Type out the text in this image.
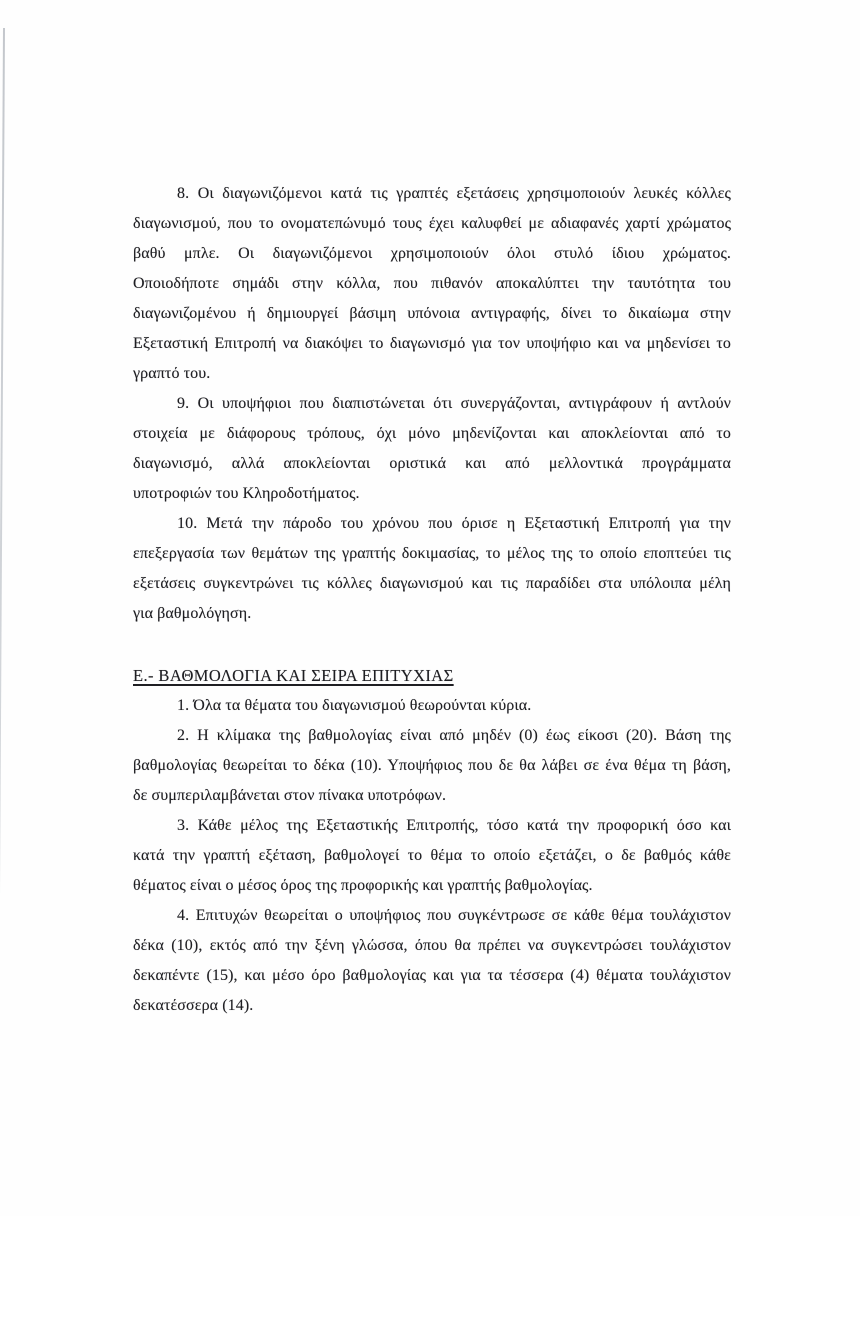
8. Οι διαγωνιζόμενοι κατά τις γραπτές εξετάσεις χρησιμοποιούν λευκές κόλλες
διαγωνισμού, που το ονοματεπώνυμό τους έχει καλυφθεί με αδιαφανές χαρτί χρώματος
βαθύ μπλε. Οι διαγωνιζόμενοι χρησιμοποιούν όλοι στυλό ίδιου χρώματος.
Οποιοδήποτε σημάδι στην κόλλα, που πιθανόν αποκαλύπτει την ταυτότητα του
διαγωνιζομένου ή δημιουργεί βάσιμη υπόνοια αντιγραφής, δίνει το δικαίωμα στην
Εξεταστική Επιτροπή να διακόψει το διαγωνισμό για τον υποψήφιο και να μηδενίσει το
γραπτό του.
9. Οι υποψήφιοι που διαπιστώνεται ότι συνεργάζονται, αντιγράφουν ή αντλούν
στοιχεία με διάφορους τρόπους, όχι μόνο μηδενίζονται και αποκλείονται από το
διαγωνισμό, αλλά αποκλείονται οριστικά και από μελλοντικά προγράμματα
υποτροφιών του Κληροδοτήματος.
10. Μετά την πάροδο του χρόνου που όρισε η Εξεταστική Επιτροπή για την
επεξεργασία των θεμάτων της γραπτής δοκιμασίας, το μέλος της το οποίο εποπτεύει τις
εξετάσεις συγκεντρώνει τις κόλλες διαγωνισμού και τις παραδίδει στα υπόλοιπα μέλη
για βαθμολόγηση.
Ε.- ΒΑΘΜΟΛΟΓΙΑ ΚΑΙ ΣΕΙΡΑ ΕΠΙΤΥΧΙΑΣ
1. Όλα τα θέματα του διαγωνισμού θεωρούνται κύρια.
2. Η κλίμακα της βαθμολογίας είναι από μηδέν (0) έως είκοσι (20). Βάση της
βαθμολογίας θεωρείται το δέκα (10). Υποψήφιος που δε θα λάβει σε ένα θέμα τη βάση,
δε συμπεριλαμβάνεται στον πίνακα υποτρόφων.
3. Κάθε μέλος της Εξεταστικής Επιτροπής, τόσο κατά την προφορική όσο και
κατά την γραπτή εξέταση, βαθμολογεί το θέμα το οποίο εξετάζει, ο δε βαθμός κάθε
θέματος είναι ο μέσος όρος της προφορικής και γραπτής βαθμολογίας.
4. Επιτυχών θεωρείται ο υποψήφιος που συγκέντρωσε σε κάθε θέμα τουλάχιστον
δέκα (10), εκτός από την ξένη γλώσσα, όπου θα πρέπει να συγκεντρώσει τουλάχιστον
δεκαπέντε (15), και μέσο όρο βαθμολογίας και για τα τέσσερα (4) θέματα τουλάχιστον
δεκατέσσερα (14).
